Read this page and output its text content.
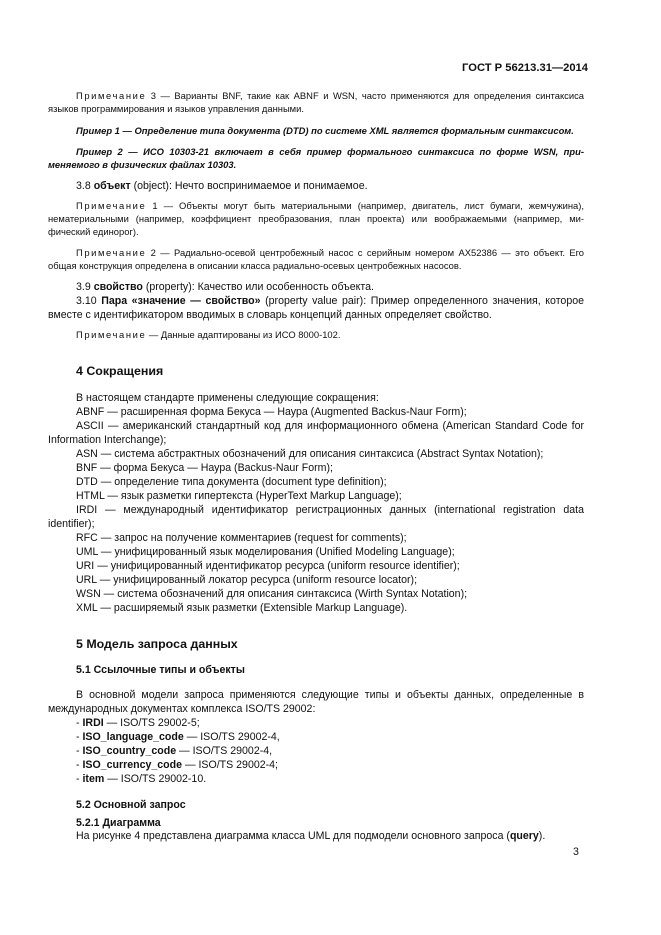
ГОСТ Р 56213.31—2014

Примечание 3 — Варианты BNF, такие как ABNF и WSN, часто применяются для определения синтаксиса языков программирования и языков управления данными.

Пример 1 — Определение типа документа (DTD) по системе XML является формальным синтаксисом.

Пример 2 — ИСО 10303-21 включает в себя пример формального синтаксиса по форме WSN, применяемого в физических файлах 10303.

3.8 объект (object): Нечто воспринимаемое и понимаемое.

Примечание 1 — Объекты могут быть материальными (например, двигатель, лист бумаги, жемчужина), нематериальными (например, коэффициент преобразования, план проекта) или воображаемыми (например, мифический единорог).

Примечание 2 — Радиально-осевой центробежный насос с серийным номером AX52386 — это объект. Его общая конструкция определена в описании класса радиально-осевых центробежных насосов.

3.9 свойство (property): Качество или особенность объекта.

3.10 Пара «значение — свойство» (property value pair): Пример определенного значения, которое вместе с идентификатором вводимых в словарь концепций данных определяет свойство.

Примечание — Данные адаптированы из ИСО 8000-102.

4 Сокращения

В настоящем стандарте применены следующие сокращения:

ABNF — расширенная форма Бекуса — Наура (Augmented Backus-Naur Form);

ASCII — американский стандартный код для информационного обмена (American Standard Code for Information Interchange);

ASN — система абстрактных обозначений для описания синтаксиса (Abstract Syntax Notation);

BNF — форма Бекуса — Наура (Backus-Naur Form);

DTD — определение типа документа (document type definition);

HTML — язык разметки гипертекста (HyperText Markup Language);

IRDI — международный идентификатор регистрационных данных (international registration data identifier);

RFC — запрос на получение комментариев (request for comments);

UML — унифицированный язык моделирования (Unified Modeling Language);

URI — унифицированный идентификатор ресурса (uniform resource identifier);

URL — унифицированный локатор ресурса (uniform resource locator);

WSN — система обозначений для описания синтаксиса (Wirth Syntax Notation);

XML — расширяемый язык разметки (Extensible Markup Language).

5 Модель запроса данных
5.1 Ссылочные типы и объекты

В основной модели запроса применяются следующие типы и объекты данных, определенные в международных документах комплекса ISO/TS 29002:

- IRDI — ISO/TS 29002-5;

- ISO_language_code — ISO/TS 29002-4,

- ISO_country_code — ISO/TS 29002-4,

- ISO_currency_code — ISO/TS 29002-4;

- item — ISO/TS 29002-10.

5.2 Основной запрос
5.2.1 Диаграмма

На рисунке 4 представлена диаграмма класса UML для подмодели основного запроса (query).

3
